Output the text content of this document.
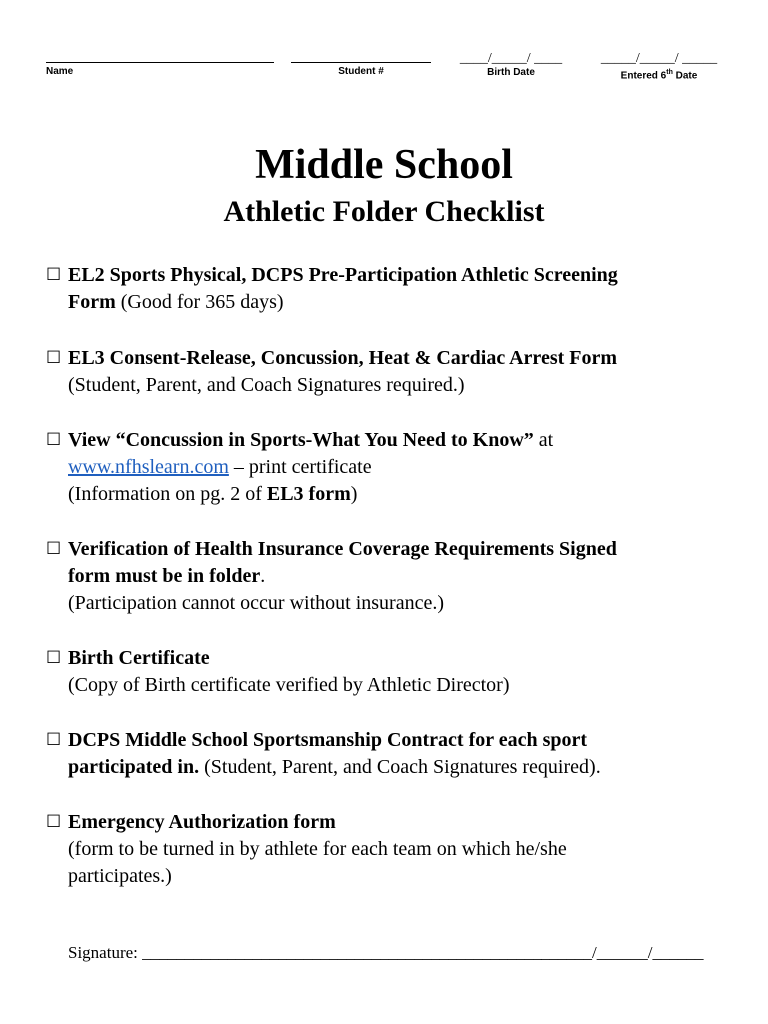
Name	Student #
____/_____/ ____
Birth Date
_____/_____/ _____
Entered 6th Date
Middle School
Athletic Folder Checklist
☐ EL2 Sports Physical, DCPS Pre-Participation Athletic Screening
Form (Good for 365 days)
☐ EL3 Consent-Release, Concussion, Heat & Cardiac Arrest Form
(Student, Parent, and Coach Signatures required.)
☐ View “Concussion in Sports-What You Need to Know” at
www.nfhslearn.com – print certificate
(Information on pg. 2 of EL3 form)
☐ Verification of Health Insurance Coverage Requirements Signed
form must be in folder.
(Participation cannot occur without insurance.)
☐ Birth Certificate
(Copy of Birth certificate verified by Athletic Director)
☐ DCPS Middle School Sportsmanship Contract for each sport
participated in. (Student, Parent, and Coach Signatures required).
☐ Emergency Authorization form
(form to be turned in by athlete for each team on which he/she
participates.)
Signature: _______________________________________________ ______/______/______
